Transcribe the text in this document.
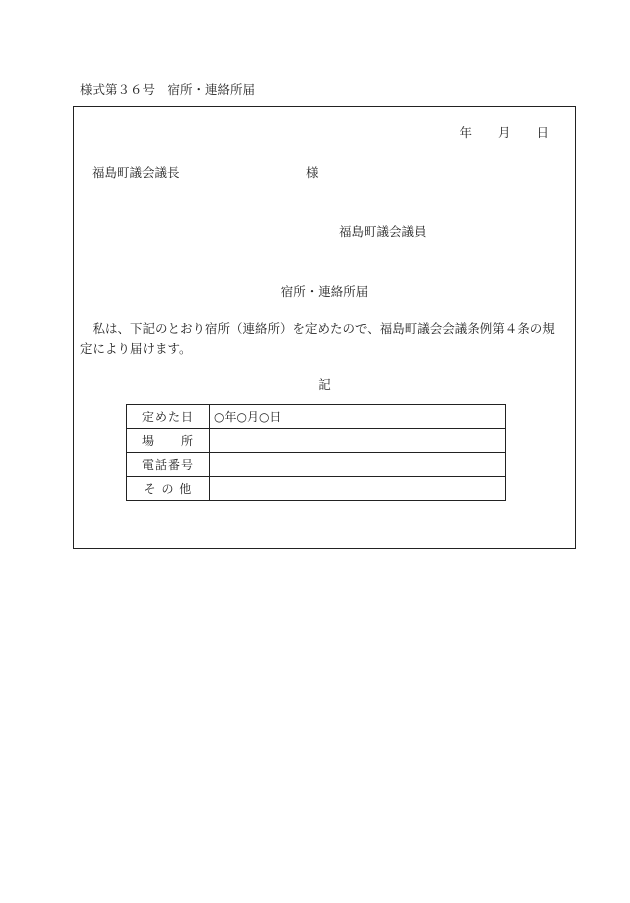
様式第３６号　宿所・連絡所届
年 月 日
福島町議会議長	様
福島町議会議員
宿所・連絡所届
私は、下記のとおり宿所（連絡所）を定めたので、福島町議会会議条例第４条の規定により届けます。
記
定めた日	○年○月○日
場　　所	
電話番号	
そ の 他	
